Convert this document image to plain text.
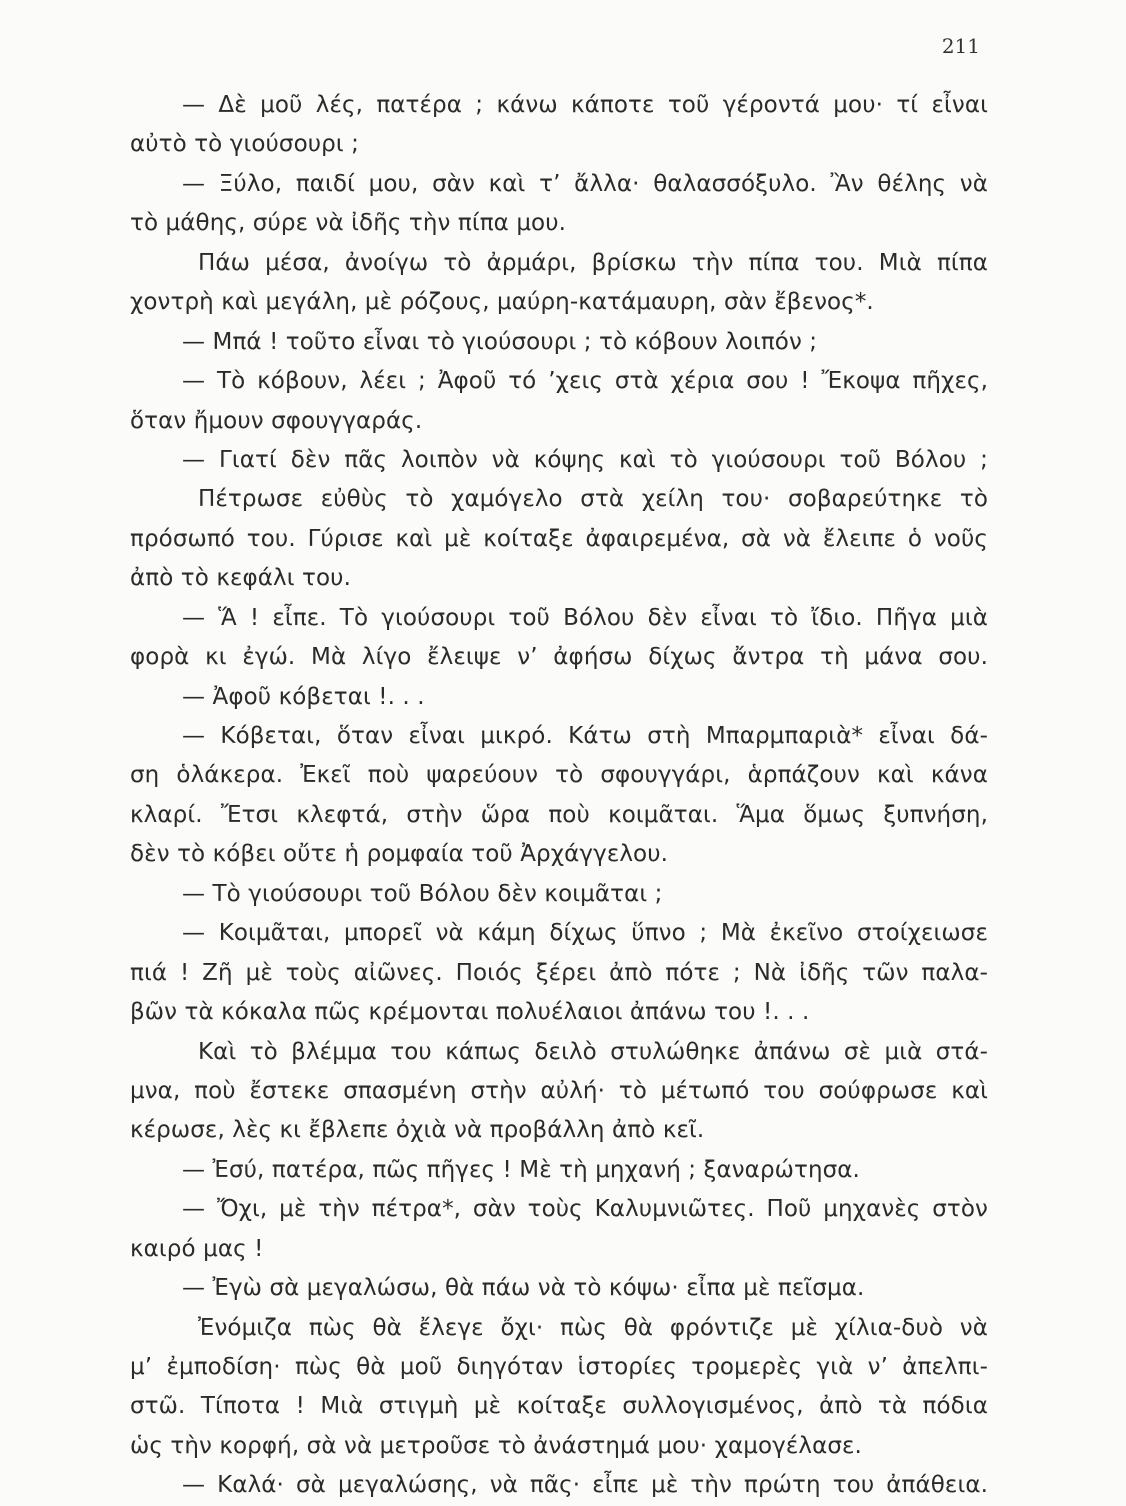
211
— Δὲ μοῦ λές, πατέρα ; κάνω κάποτε τοῦ γέροντά μου· τί εἶναι
αὐτὸ τὸ γιούσουρι ;
— Ξύλο, παιδί μου, σὰν καὶ τ’ ἄλλα· θαλασσόξυλο. Ἂν θέλης νὰ
τὸ μάθης, σύρε νὰ ἰδῆς τὴν πίπα μου.
Πάω μέσα, ἀνοίγω τὸ ἀρμάρι, βρίσκω τὴν πίπα του. Μιὰ πίπα
χοντρὴ καὶ μεγάλη, μὲ ρόζους, μαύρη-κατάμαυρη, σὰν ἔβενος*.
— Μπά ! τοῦτο εἶναι τὸ γιούσουρι ; τὸ κόβουν λοιπόν ;
— Τὸ κόβουν, λέει ; Ἀφοῦ τό ’χεις στὰ χέρια σου ! Ἔκοψα πῆχες,
ὅταν ἤμουν σφουγγαράς.
— Γιατί δὲν πᾶς λοιπὸν νὰ κόψης καὶ τὸ γιούσουρι τοῦ Βόλου ;
Πέτρωσε εὐθὺς τὸ χαμόγελο στὰ χείλη του· σοβαρεύτηκε τὸ
πρόσωπό του. Γύρισε καὶ μὲ κοίταξε ἀφαιρεμένα, σὰ νὰ ἔλειπε ὁ νοῦς
ἀπὸ τὸ κεφάλι του.
— Ἅ ! εἶπε. Τὸ γιούσουρι τοῦ Βόλου δὲν εἶναι τὸ ἴδιο. Πῆγα μιὰ
φορὰ κι ἐγώ. Μὰ λίγο ἔλειψε ν’ ἀφήσω δίχως ἄντρα τὴ μάνα σου.
— Ἀφοῦ κόβεται !. . .
— Κόβεται, ὅταν εἶναι μικρό. Κάτω στὴ Μπαρμπαριὰ* εἶναι δά-
ση ὁλάκερα. Ἐκεῖ ποὺ ψαρεύουν τὸ σφουγγάρι, ἁρπάζουν καὶ κάνα
κλαρί. Ἔτσι κλεφτά, στὴν ὥρα ποὺ κοιμᾶται. Ἅμα ὅμως ξυπνήση,
δὲν τὸ κόβει οὔτε ἡ ρομφαία τοῦ Ἀρχάγγελου.
— Τὸ γιούσουρι τοῦ Βόλου δὲν κοιμᾶται ;
— Κοιμᾶται, μπορεῖ νὰ κάμη δίχως ὕπνο ; Μὰ ἐκεῖνο στοίχειωσε
πιά ! Ζῆ μὲ τοὺς αἰῶνες. Ποιός ξέρει ἀπὸ πότε ; Νὰ ἰδῆς τῶν παλα-
βῶν τὰ κόκαλα πῶς κρέμονται πολυέλαιοι ἀπάνω του !. . .
Καὶ τὸ βλέμμα του κάπως δειλὸ στυλώθηκε ἀπάνω σὲ μιὰ στά-
μνα, ποὺ ἔστεκε σπασμένη στὴν αὐλή· τὸ μέτωπό του σούφρωσε καὶ
κέρωσε, λὲς κι ἔβλεπε ὀχιὰ νὰ προβάλλη ἀπὸ κεῖ.
— Ἐσύ, πατέρα, πῶς πῆγες ! Μὲ τὴ μηχανή ; ξαναρώτησα.
— Ὄχι, μὲ τὴν πέτρα*, σὰν τοὺς Καλυμνιῶτες. Ποῦ μηχανὲς στὸν
καιρό μας !
— Ἐγὼ σὰ μεγαλώσω, θὰ πάω νὰ τὸ κόψω· εἶπα μὲ πεῖσμα.
Ἐνόμιζα πὼς θὰ ἔλεγε ὄχι· πὼς θὰ φρόντιζε μὲ χίλια-δυὸ νὰ
μ’ ἐμποδίση· πὼς θὰ μοῦ διηγόταν ἱστορίες τρομερὲς γιὰ ν’ ἀπελπι-
στῶ. Τίποτα ! Μιὰ στιγμὴ μὲ κοίταξε συλλογισμένος, ἀπὸ τὰ πόδια
ὡς τὴν κορφή, σὰ νὰ μετροῦσε τὸ ἀνάστημά μου· χαμογέλασε.
— Καλά· σὰ μεγαλώσης, νὰ πᾶς· εἶπε μὲ τὴν πρώτη του ἀπάθεια.
